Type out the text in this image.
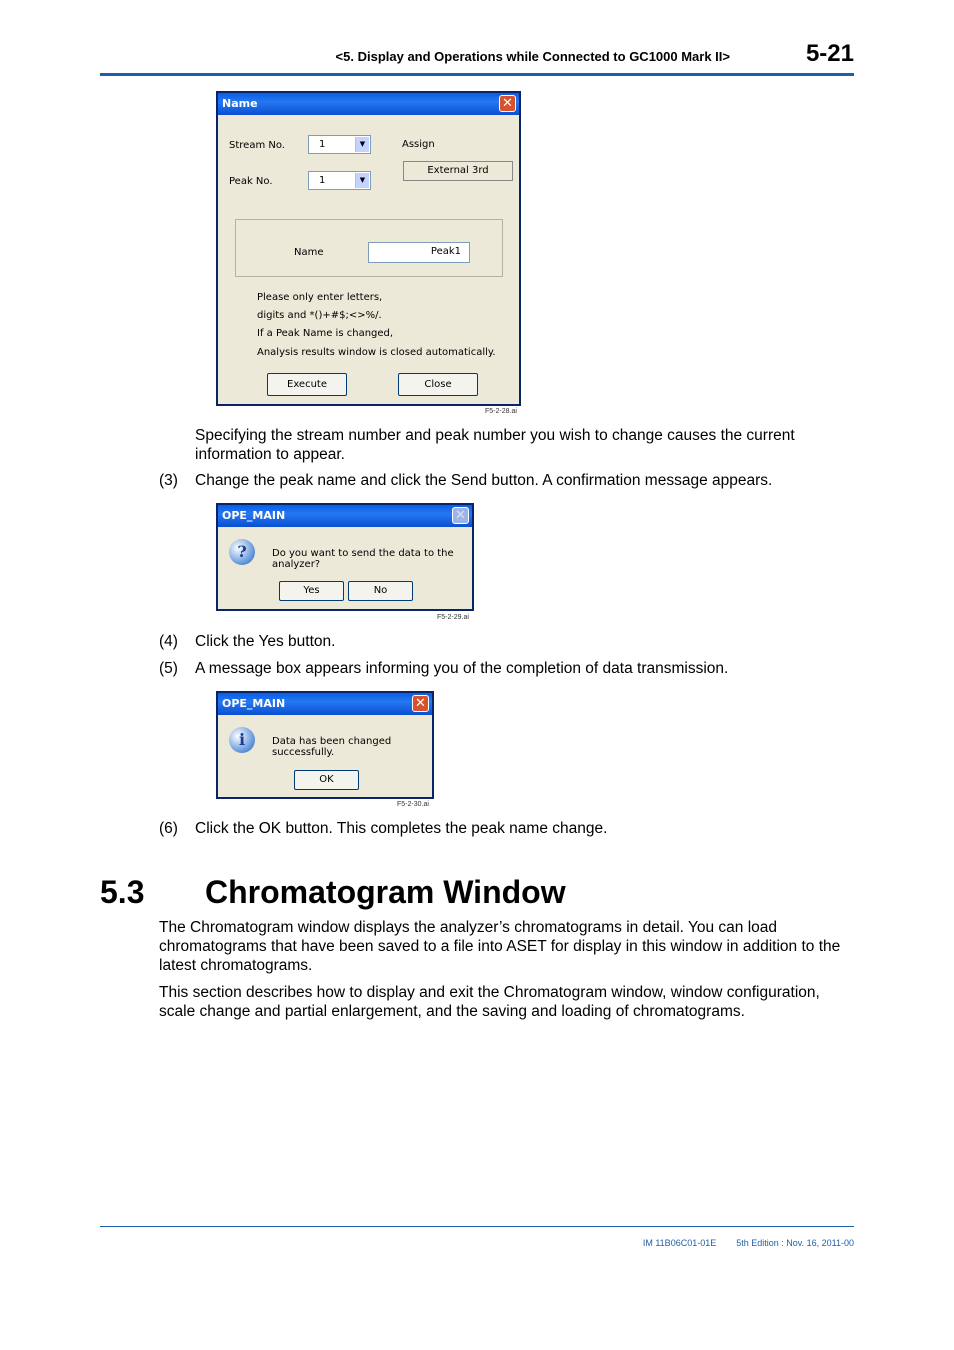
<5. Display and Operations while Connected to GC1000 Mark II>	5-21
Name	✕
Stream No.	1	▼
Peak No.	1	▼
Assign
External 3rd
Name	Peak1
Please only enter letters,
digits and *()+#$;<>%/.
If a Peak Name is changed,
Analysis results window is closed automatically.
Execute	Close
F5-2-28.ai
Specifying the stream number and peak number you wish to change causes the current information to appear.
(3) Change the peak name and click the Send button. A confirmation message appears.
OPE_MAIN	✕
?	Do you want to send the data to the analyzer?
Yes	No
F5-2-29.ai
(4) Click the Yes button.
(5) A message box appears informing you of the completion of data transmission.
OPE_MAIN	✕
i	Data has been changed successfully.
OK
F5-2-30.ai
(6) Click the OK button. This completes the peak name change.
5.3 Chromatogram Window
The Chromatogram window displays the analyzer’s chromatograms in detail. You can load chromatograms that have been saved to a file into ASET for display in this window in addition to the latest chromatograms.
This section describes how to display and exit the Chromatogram window, window configuration, scale change and partial enlargement, and the saving and loading of chromatograms.
IM 11B06C01-01E 5th Edition : Nov. 16, 2011-00
